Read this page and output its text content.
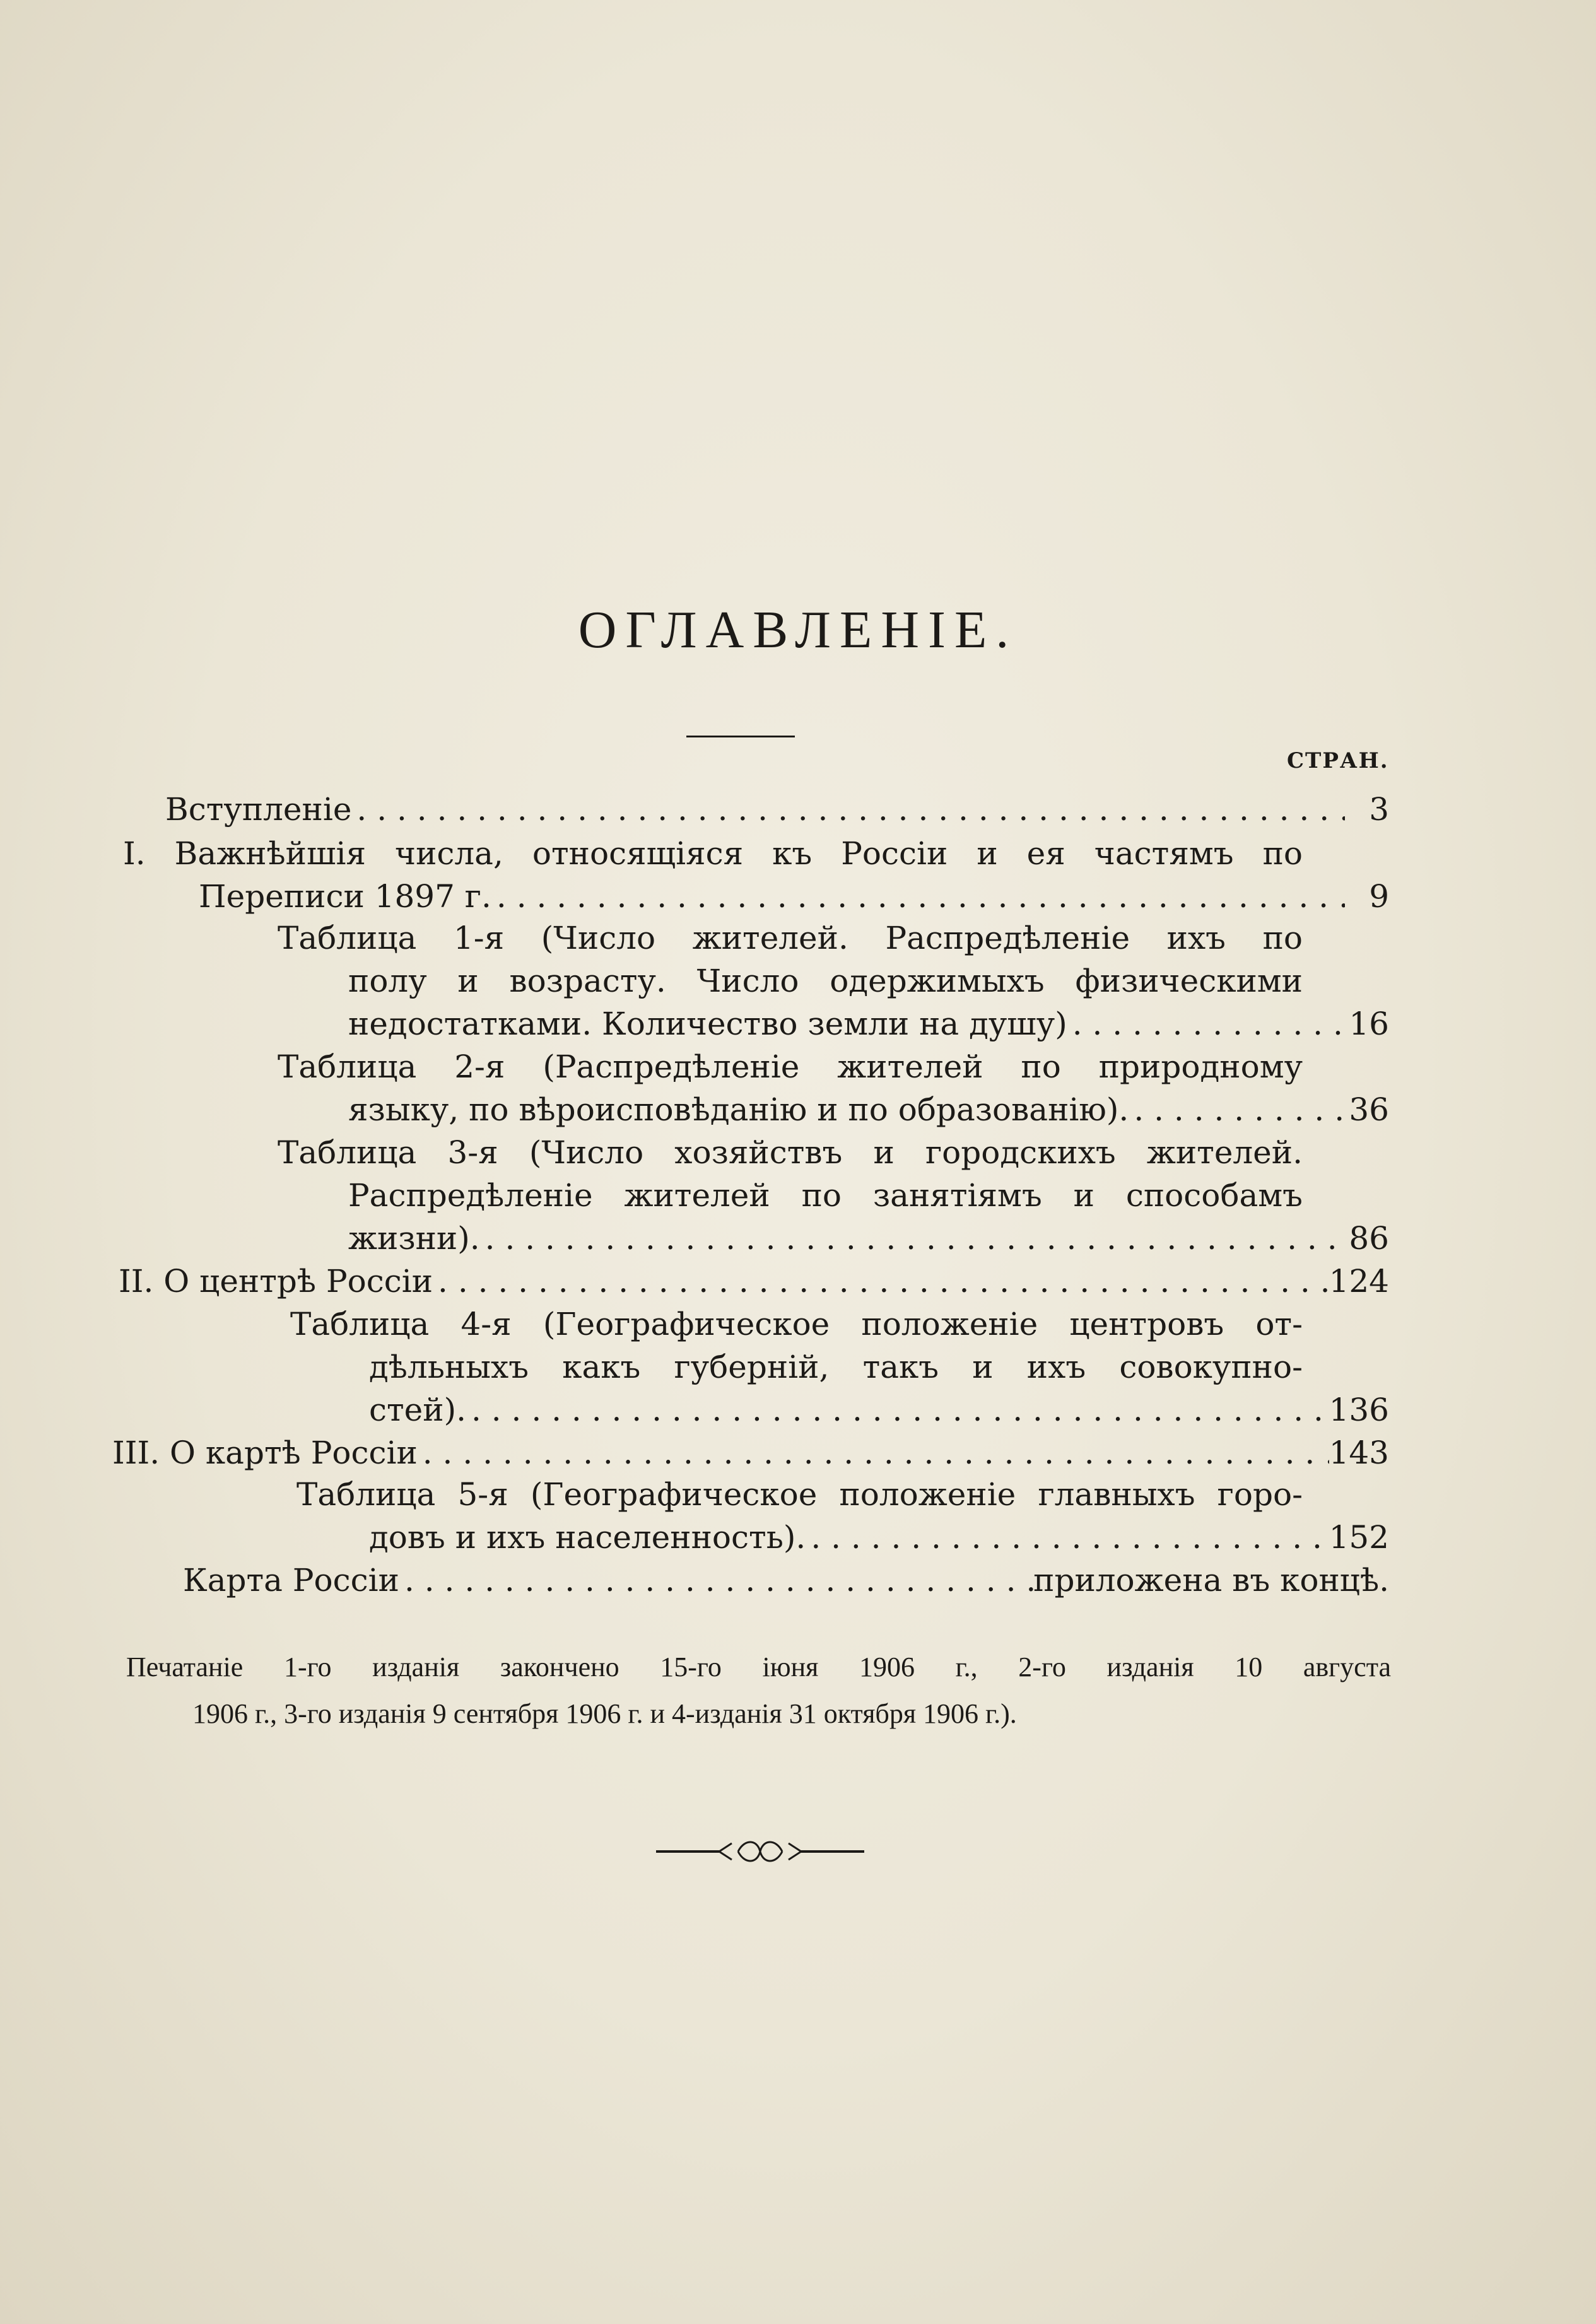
ОГЛАВЛЕНІЕ.
СТРАН.
Вступленіе . . .	3
I. Важнѣйшія числа, относящіяся къ Россіи и ея частямъ по
Переписи 1897 г. . . .	9
Таблица 1-я (Число жителей. Распредѣленіе ихъ по
полу и возрасту. Число одержимыхъ физическими
недостатками. Количество земли на душу) . . .	16
Таблица 2-я (Распредѣленіе жителей по природному
языку, по вѣроисповѣданію и по образованію). . . .	36
Таблица 3-я (Число хозяйствъ и городскихъ жителей.
Распредѣленіе жителей по занятіямъ и способамъ
жизни). . . .	86
II. О центрѣ Россіи . . .	124
Таблица 4-я (Географическое положеніе центровъ от-
дѣльныхъ какъ губерній, такъ и ихъ совокупно-
стей). . . .	136
III. О картѣ Россіи . . .	143
Таблица 5-я (Географическое положеніе главныхъ горо-
довъ и ихъ населенность). . . .	152
Карта Россіи . . .	приложена въ концѣ.
Печатаніе 1-го изданія закончено 15-го іюня 1906 г., 2-го изданія 10 августа
1906 г., 3-го изданія 9 сентября 1906 г. и 4-изданія 31 октября 1906 г.).
